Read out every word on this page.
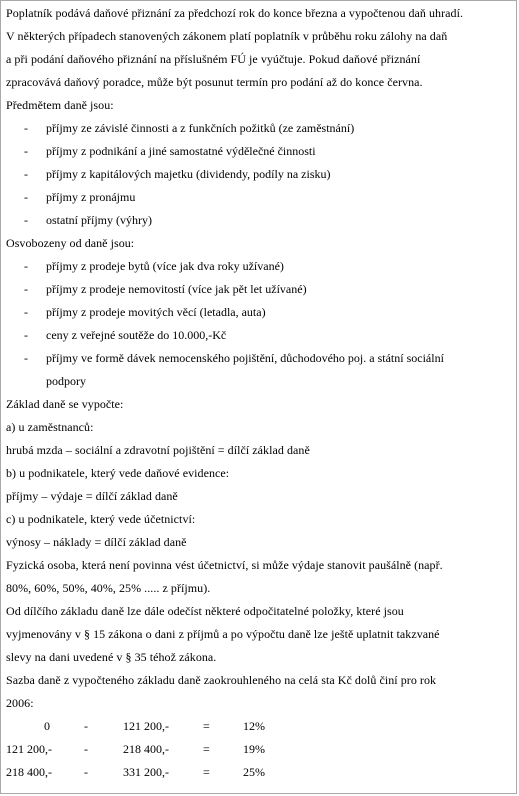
Poplatník podává daňové přiznání za předchozí rok do konce března a vypočtenou daň uhradí.
V některých případech stanovených zákonem platí poplatník v průběhu roku zálohy na daň
a při podání daňového přiznání na příslušném FÚ je vyúčtuje. Pokud daňové přiznání
zpracovává daňový poradce, může být posunut termín pro podání až do konce června.
Předmětem daně jsou:
-	příjmy ze závislé činnosti a z funkčních požitků (ze zaměstnání)
-	příjmy z podnikání a jiné samostatné výdělečné činnosti
-	příjmy z kapitálových majetku (dividendy, podíly na zisku)
-	příjmy z pronájmu
-	ostatní příjmy (výhry)
Osvobozeny od daně jsou:
-	příjmy z prodeje bytů (více jak dva roky užívané)
-	příjmy z prodeje nemovitostí (více jak pět let užívané)
-	příjmy z prodeje movitých věcí (letadla, auta)
-	ceny z veřejné soutěže do 10.000,-Kč
-	příjmy ve formě dávek nemocenského pojištění, důchodového poj. a státní sociální
podpory
Základ daně se vypočte:
a) u zaměstnanců:
hrubá mzda – sociální a zdravotní pojištění = dílčí základ daně
b) u podnikatele, který vede daňové evidence:
příjmy – výdaje = dílčí základ daně
c) u podnikatele, který vede účetnictví:
výnosy – náklady = dílčí základ daně
Fyzická osoba, která není povinna vést účetnictví, si může výdaje stanovit paušálně (např.
80%, 60%, 50%, 40%, 25% ..... z příjmu).
Od dílčího základu daně lze dále odečíst některé odpočitatelné položky, které jsou
vyjmenovány v § 15 zákona o dani z příjmů a po výpočtu daně lze ještě uplatnit takzvané
slevy na dani uvedené v § 35 téhož zákona.
Sazba daně z vypočteného základu daně zaokrouhleného na celá sta Kč dolů činí pro rok
2006:
0	-	121 200,-	=	12%
121 200,-	-	218 400,-	=	19%
218 400,-	-	331 200,-	=	25%
